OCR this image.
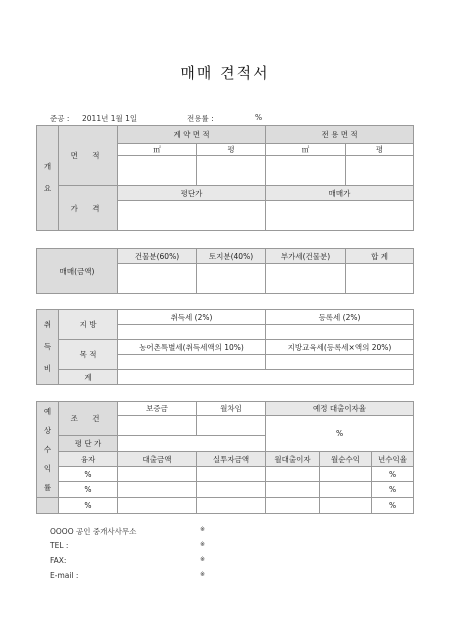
매매 견적서
준공 : 2011년 1월 1일	전용률 :	%
개
요	면 적	계 약 면 적		전 용 면 적	
		㎡	평	㎡	평

	가 격	평단가		매매가	

매매(금액)	건물분(60%)	토지분(40%)	부가세(건물분)	합 계

취
득
비	지 방	취득세 (2%)	등록세 (2%)

	목 적	농어촌특별세(취득세액의 10%)	지방교육세(등록세×액의 20%)

	계		
예
상
수
익
률	조 건	보증금	월차임	예정 대출이자율		
				%		
	평 단 가					
	융자	대출금액	실투자금액	월대출이자	월순수익	년수익율
	%					%
	%					%
	%					%
OOOO 공인 중개사사무소	※
TEL :	※
FAX:	※
E-mail :	※
